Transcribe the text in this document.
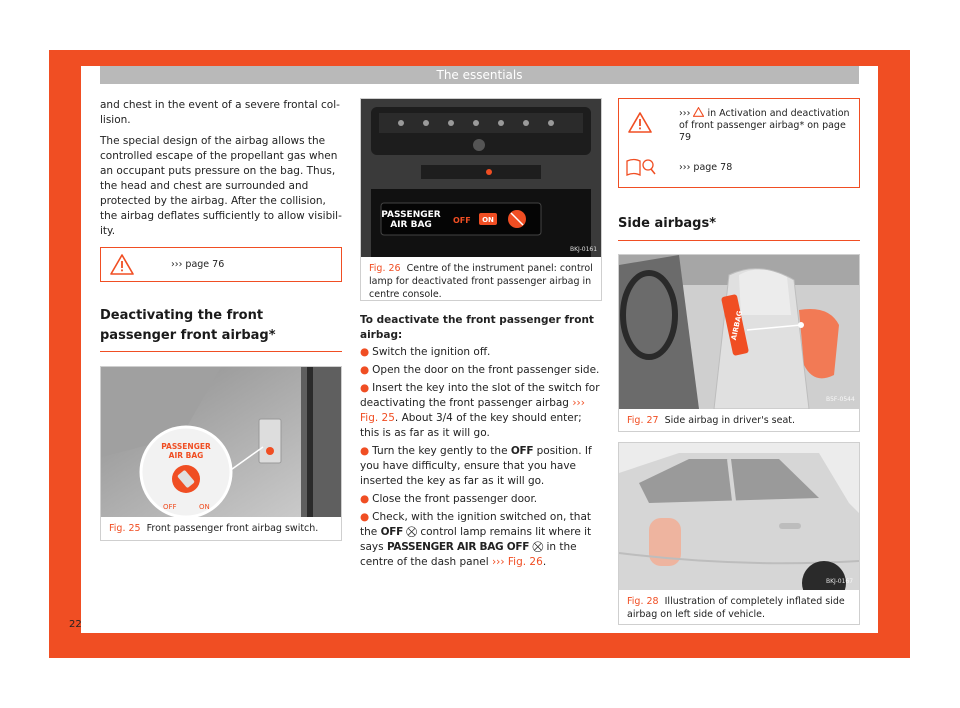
The essentials

and chest in the event of a severe frontal col-lision.

The special design of the airbag allows the controlled escape of the propellant gas when an occupant puts pressure on the bag. Thus, the head and chest are surrounded and protected by the airbag. After the collision, the airbag deflates sufficiently to allow visibil-ity.

››› page 76
Deactivating the front passenger front airbag*
PASSENGER
AIR BAG
OFF	ON
Fig. 25 Front passenger front airbag switch.
PASSENGER
AIR BAG	OFF ON
Fig. 26 Centre of the instrument panel: control lamp for deactivated front passenger airbag in centre console.

To deactivate the front passenger front airbag:

● Switch the ignition off.
● Open the door on the front passenger side.
● Insert the key into the slot of the switch for deactivating the front passenger airbag ››› Fig. 25. About 3/4 of the key should enter; this is as far as it will go.
● Turn the key gently to the OFF position. If you have difficulty, ensure that you have inserted the key as far as it will go.
● Close the front passenger door.
● Check, with the ignition switched on, that the OFF ⛒ control lamp remains lit where it says PASSENGER AIR BAG OFF ⛒ in the centre of the dash panel ››› Fig. 26.
››› in Activation and deactivation of front passenger airbag* on page 79
››› page 78
Side airbags*
AIRBAG
Fig. 27 Side airbag in driver's seat.
Fig. 28 Illustration of completely inflated side airbag on left side of vehicle.
BKJ-0166
BKJ-0161
B5F-0544
BKJ-0167
22
